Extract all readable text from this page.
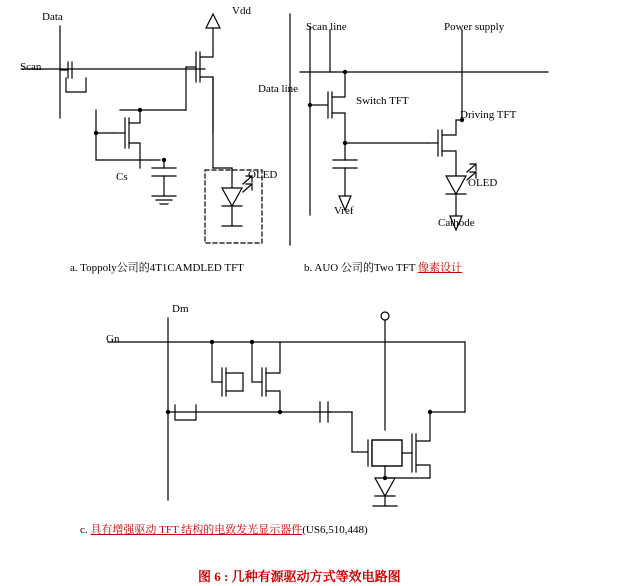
Data	Vdd
Scan
Cs	OLED
a. Toppoly公司的4T1CAMDLED TFT
Scan line	Power supply
Data line
Switch TFT
Driving TFT
Vref
OLED
Cathode
b. AUO 公司的Two TFT 像素设计
Dm
Gn
c. 具有增强驱动 TFT 结构的电致发光显示器件(US6,510,448)
图 6 : 几种有源驱动方式等效电路图
